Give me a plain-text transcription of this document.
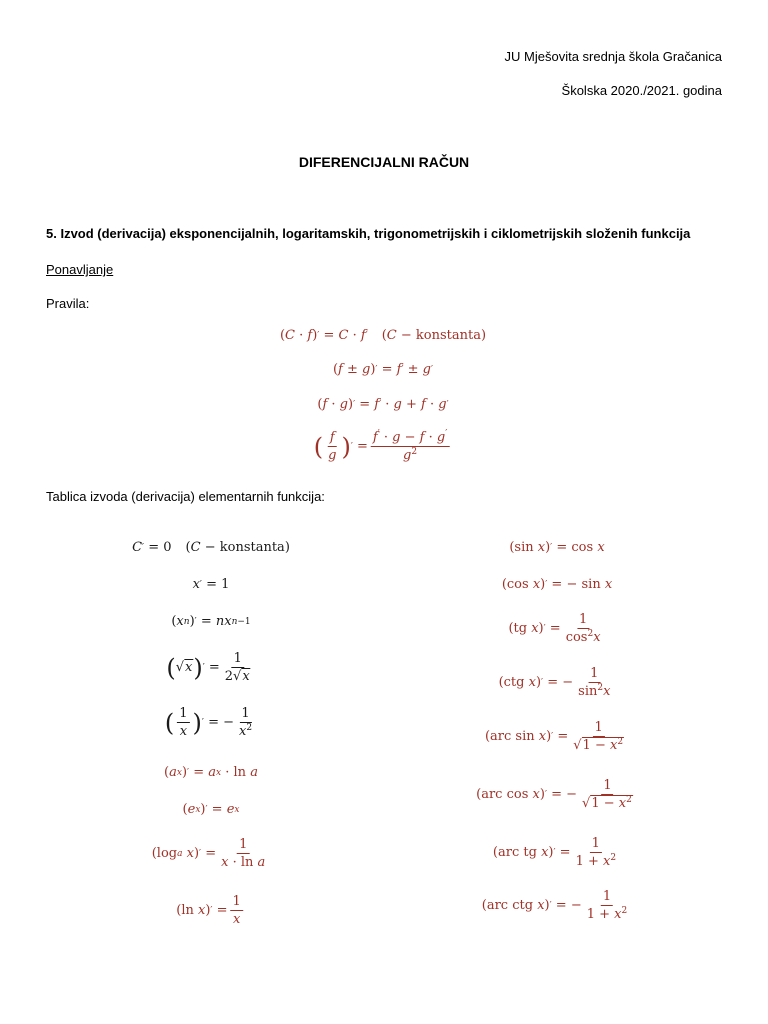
JU Mješovita srednja škola Gračanica
Školska 2020./2021. godina
DIFERENCIJALNI RAČUN
5. Izvod (derivacija) eksponencijalnih, logaritamskih, trigonometrijskih i ciklometrijskih složenih funkcija
Ponavljanje
Pravila:
( C · f ) ′ = C · f ′ ( C − konstanta )
( f ± g ) ′ = f ′ ± g ′
( f · g ) ′ = f ′ · g + f · g ′
( $\frac{f}{g}$ ) ′ = $\frac{f' \cdot g - f \cdot g'}{g^2}$
Tablica izvoda (derivacija) elementarnih funkcija:
C ′ = 0 ( C − konstanta )
x ′ = 1
( x n ) ′ = nx n−1
( √ x ) ′ = $\frac{1}{2√x}$
( $\frac{1}{x}$ ) ′ = − $\frac{1}{x^2}$
( a x ) ′ = a x · ln
a
( e x ) ′ = e x
( log a
x ) ′ = $\frac{1}{\text{x · ln a}}$
( ln
x ) ′ = $\frac{1}{x}$
( sin
x ) ′ = cos
x
( cos
x ) ′ = − sin
x
( tg
x ) ′ = $\frac{1}{\cos^2x}$
( ctg
x ) ′ = − $\frac{1}{\sin^2x}$
( arc sin
x ) ′ = $\frac{1}{√1 - x^2}$
( arc cos
x ) ′ = − $\frac{1}{√1 - x^2}$
( arc tg
x ) ′ = $\frac{1}{1 + x^2}$
( arc ctg
x ) ′ = − $\frac{1}{1 + x^2}$
